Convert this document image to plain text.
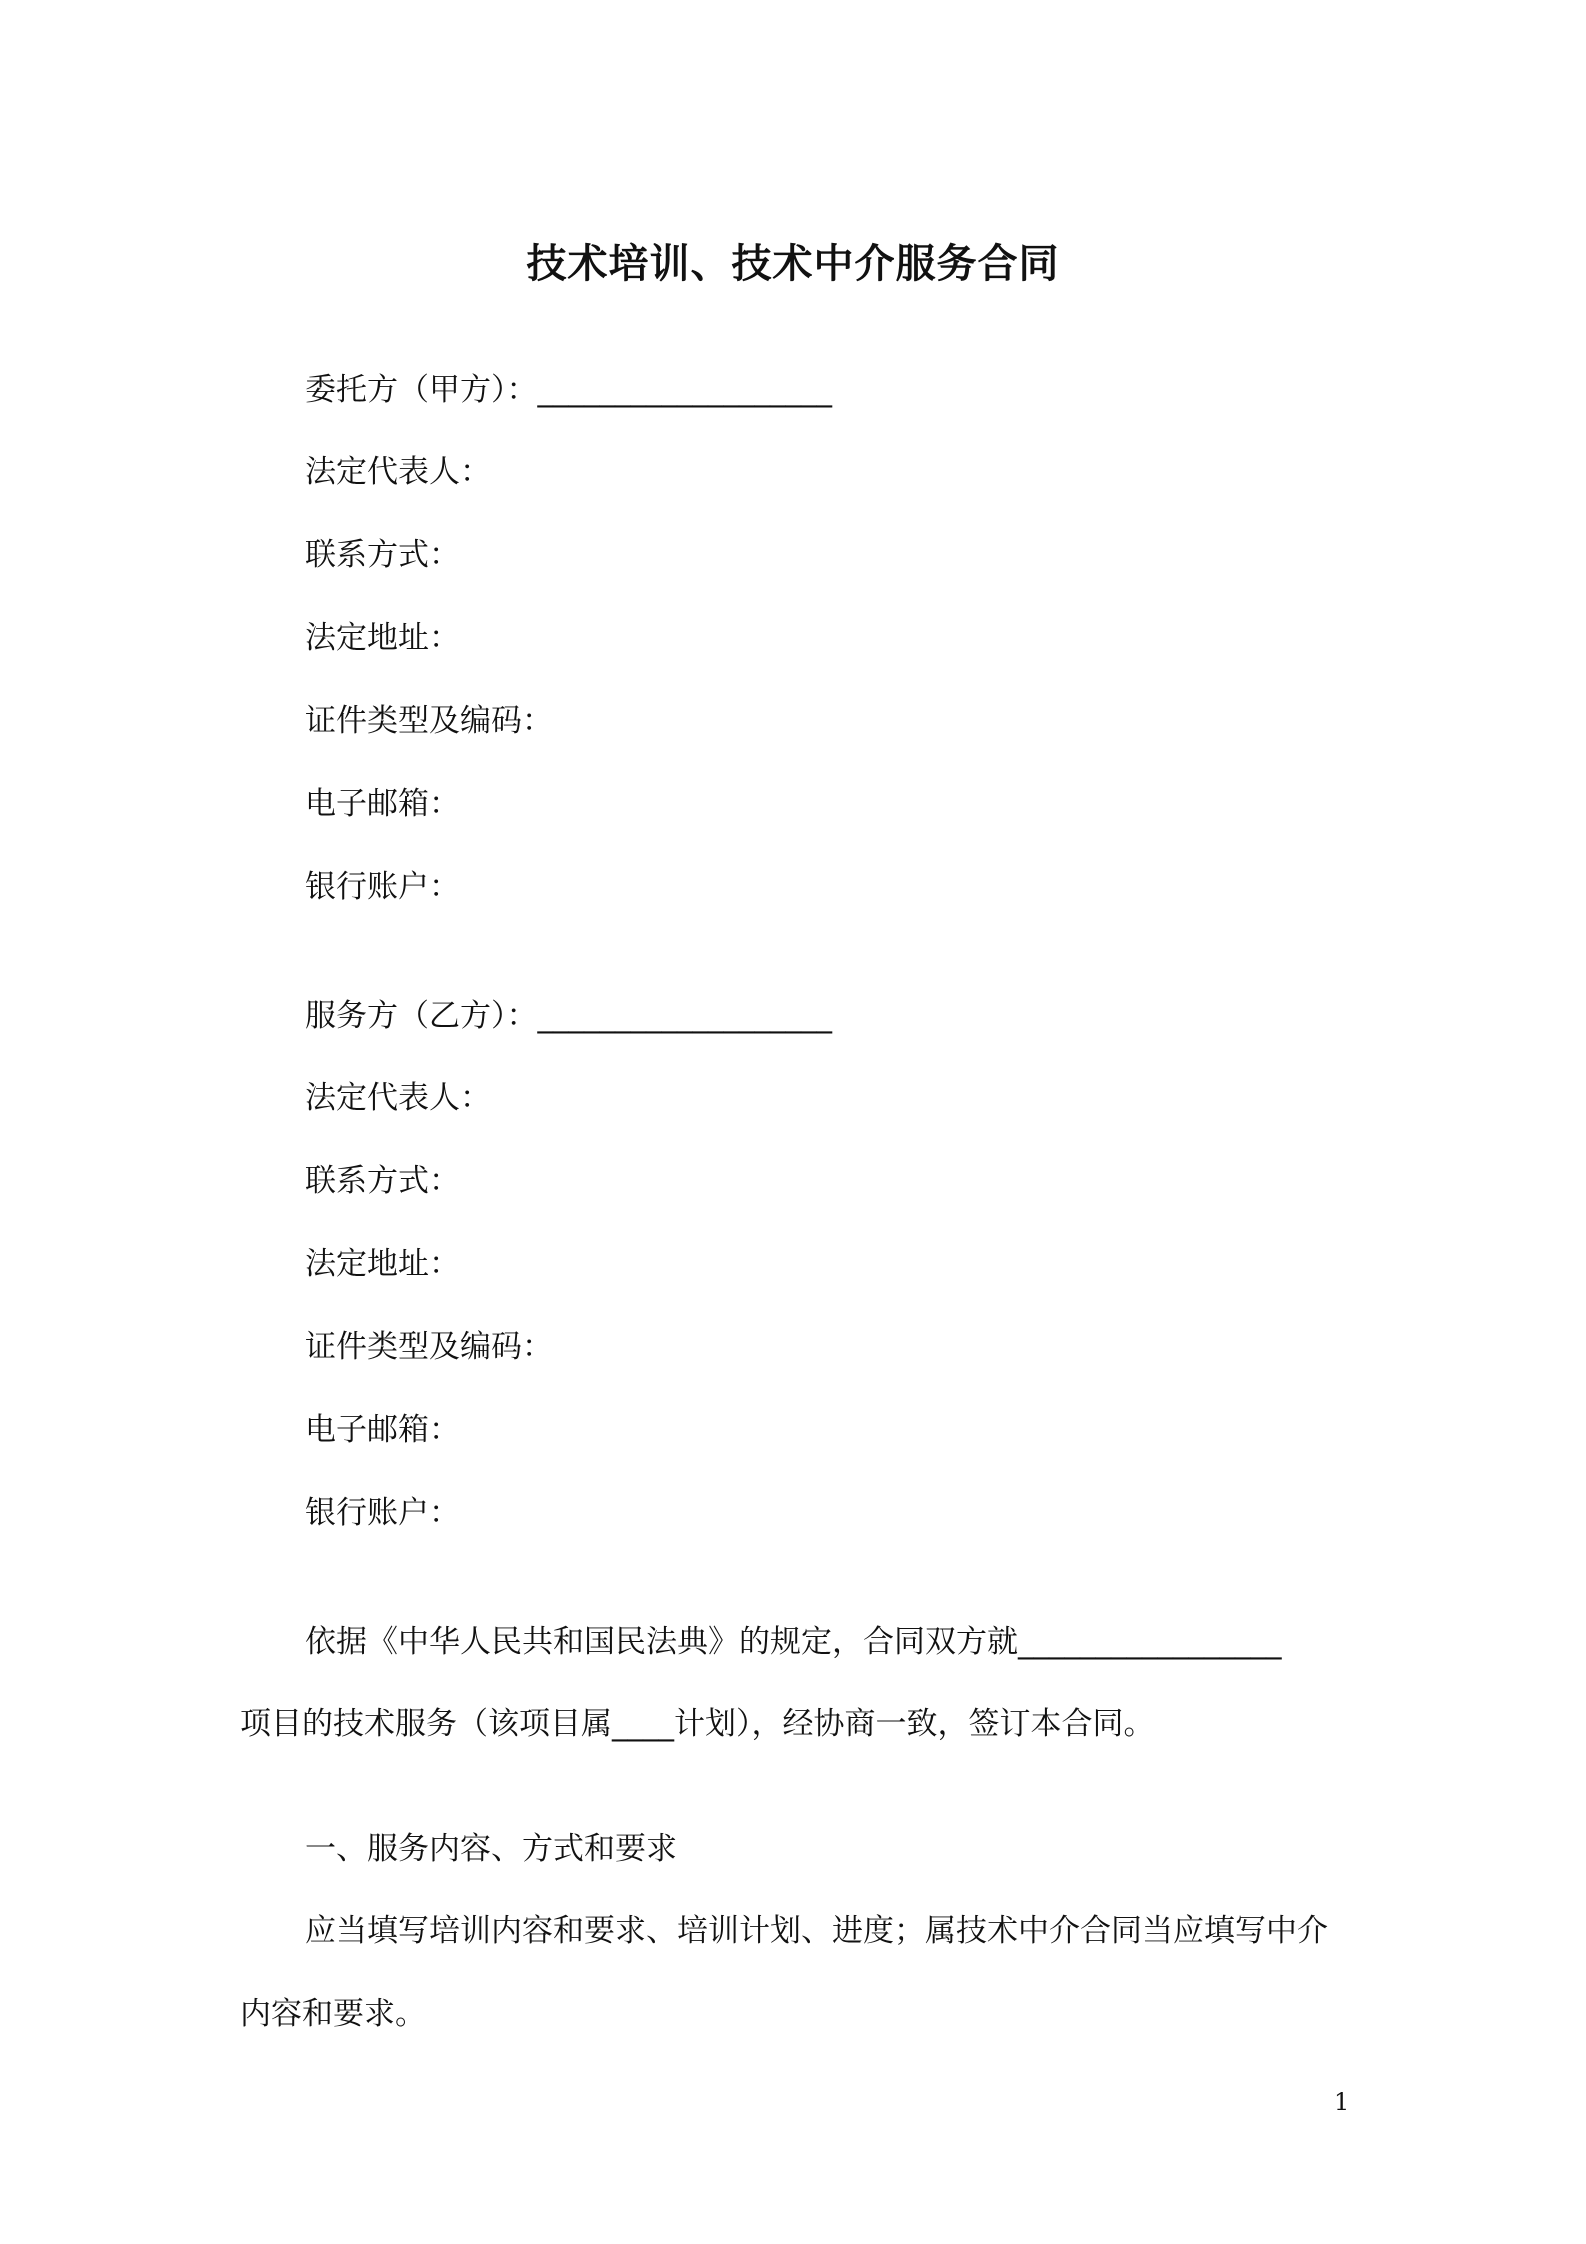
技术培训、技术中介服务合同
委托方（甲方）：___________________
法定代表人：
联系方式：
法定地址：
证件类型及编码：
电子邮箱：
银行账户：
服务方（乙方）：___________________
法定代表人：
联系方式：
法定地址：
证件类型及编码：
电子邮箱：
银行账户：
依据《中华人民共和国民法典》的规定，合同双方就_________________
项目的技术服务（该项目属____计划），经协商一致，签订本合同。
一、服务内容、方式和要求
应当填写培训内容和要求、培训计划、进度；属技术中介合同当应填写中介
内容和要求。
1
